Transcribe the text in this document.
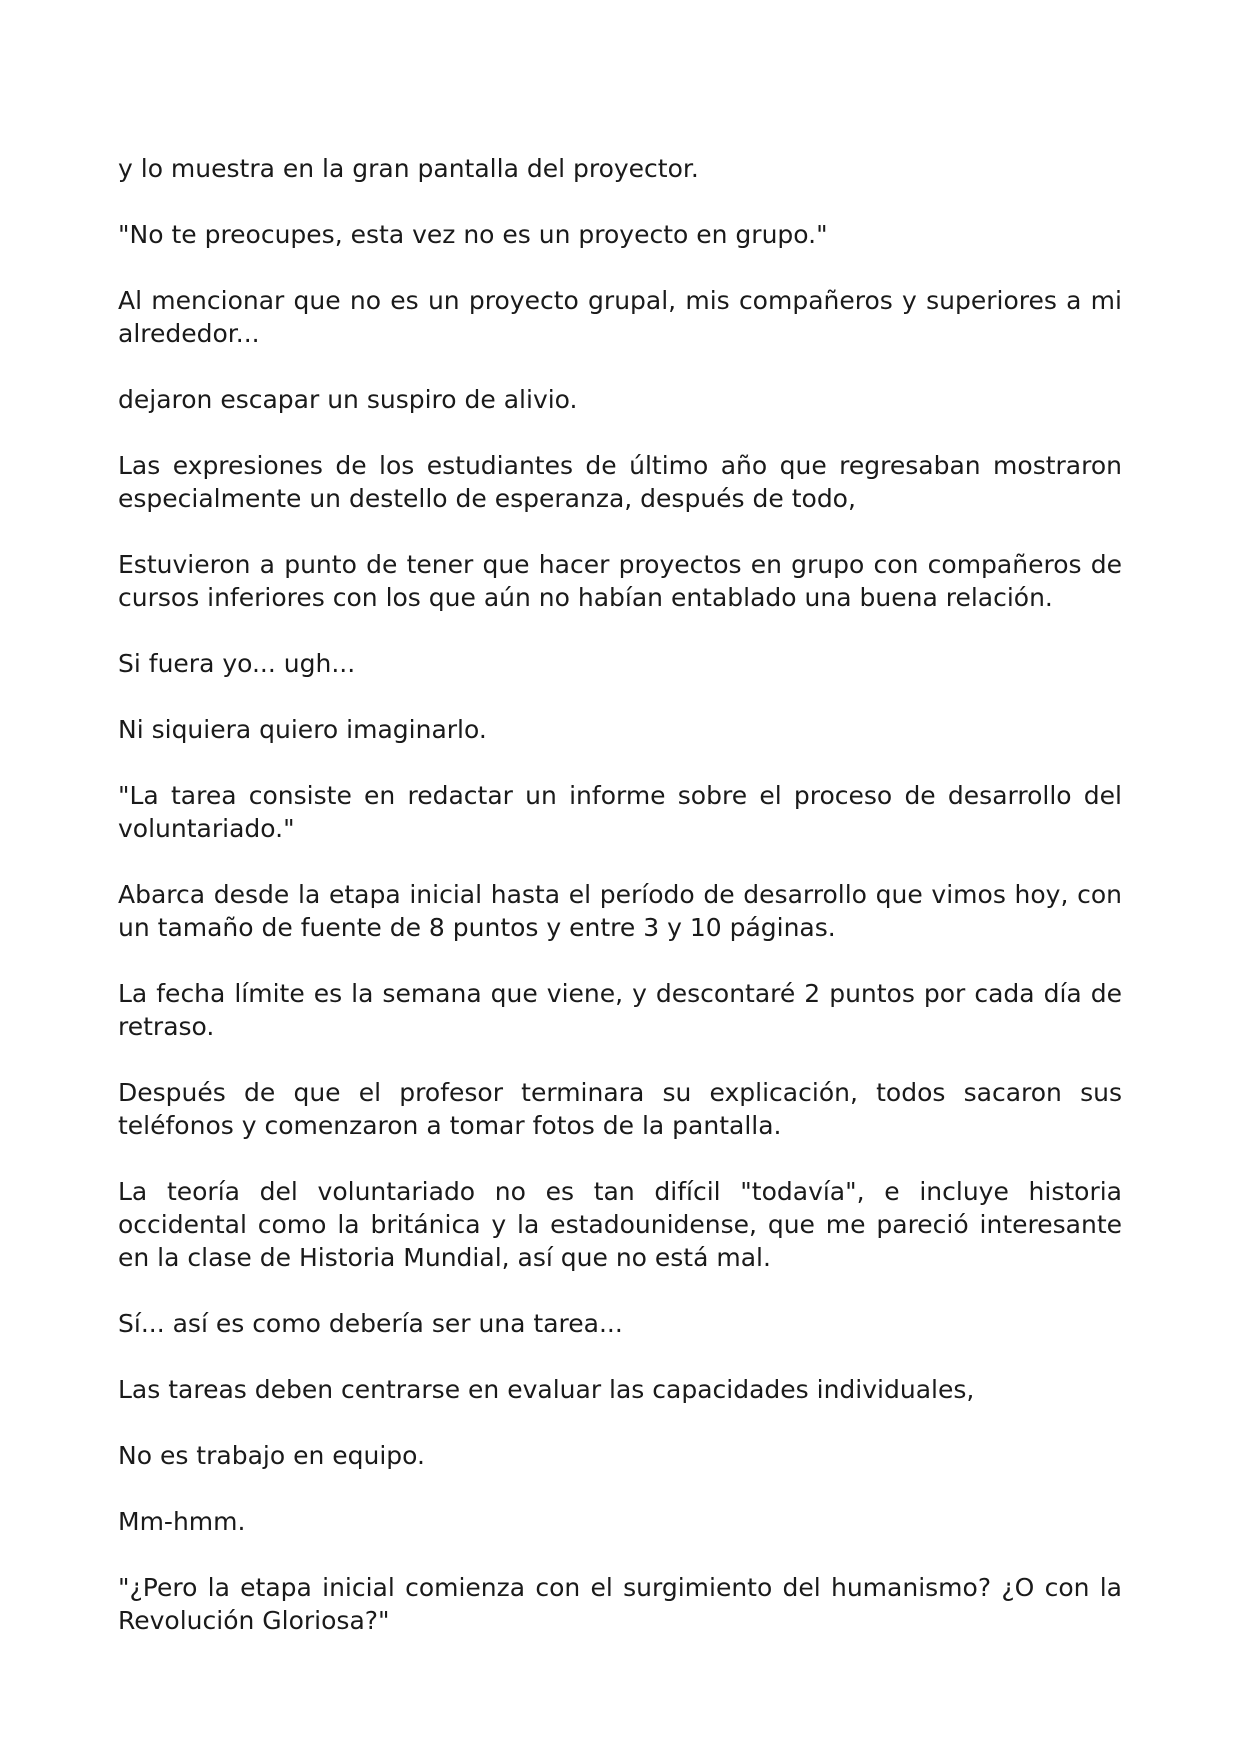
y lo muestra en la gran pantalla del proyector.

"No te preocupes, esta vez no es un proyecto en grupo."

Al mencionar que no es un proyecto grupal, mis compañeros y superiores a mi alrededor...

dejaron escapar un suspiro de alivio.

Las expresiones de los estudiantes de último año que regresaban mostraron especialmente un destello de esperanza, después de todo,

Estuvieron a punto de tener que hacer proyectos en grupo con compañeros de cursos inferiores con los que aún no habían entablado una buena relación.

Si fuera yo... ugh...

Ni siquiera quiero imaginarlo.

"La tarea consiste en redactar un informe sobre el proceso de desarrollo del voluntariado."

Abarca desde la etapa inicial hasta el período de desarrollo que vimos hoy, con un tamaño de fuente de 8 puntos y entre 3 y 10 páginas.

La fecha límite es la semana que viene, y descontaré 2 puntos por cada día de retraso.

Después de que el profesor terminara su explicación, todos sacaron sus teléfonos y comenzaron a tomar fotos de la pantalla.

La teoría del voluntariado no es tan difícil "todavía", e incluye historia occidental como la británica y la estadounidense, que me pareció interesante en la clase de Historia Mundial, así que no está mal.

Sí... así es como debería ser una tarea...

Las tareas deben centrarse en evaluar las capacidades individuales,

No es trabajo en equipo.

Mm-hmm.

"¿Pero la etapa inicial comienza con el surgimiento del humanismo? ¿O con la Revolución Gloriosa?"
